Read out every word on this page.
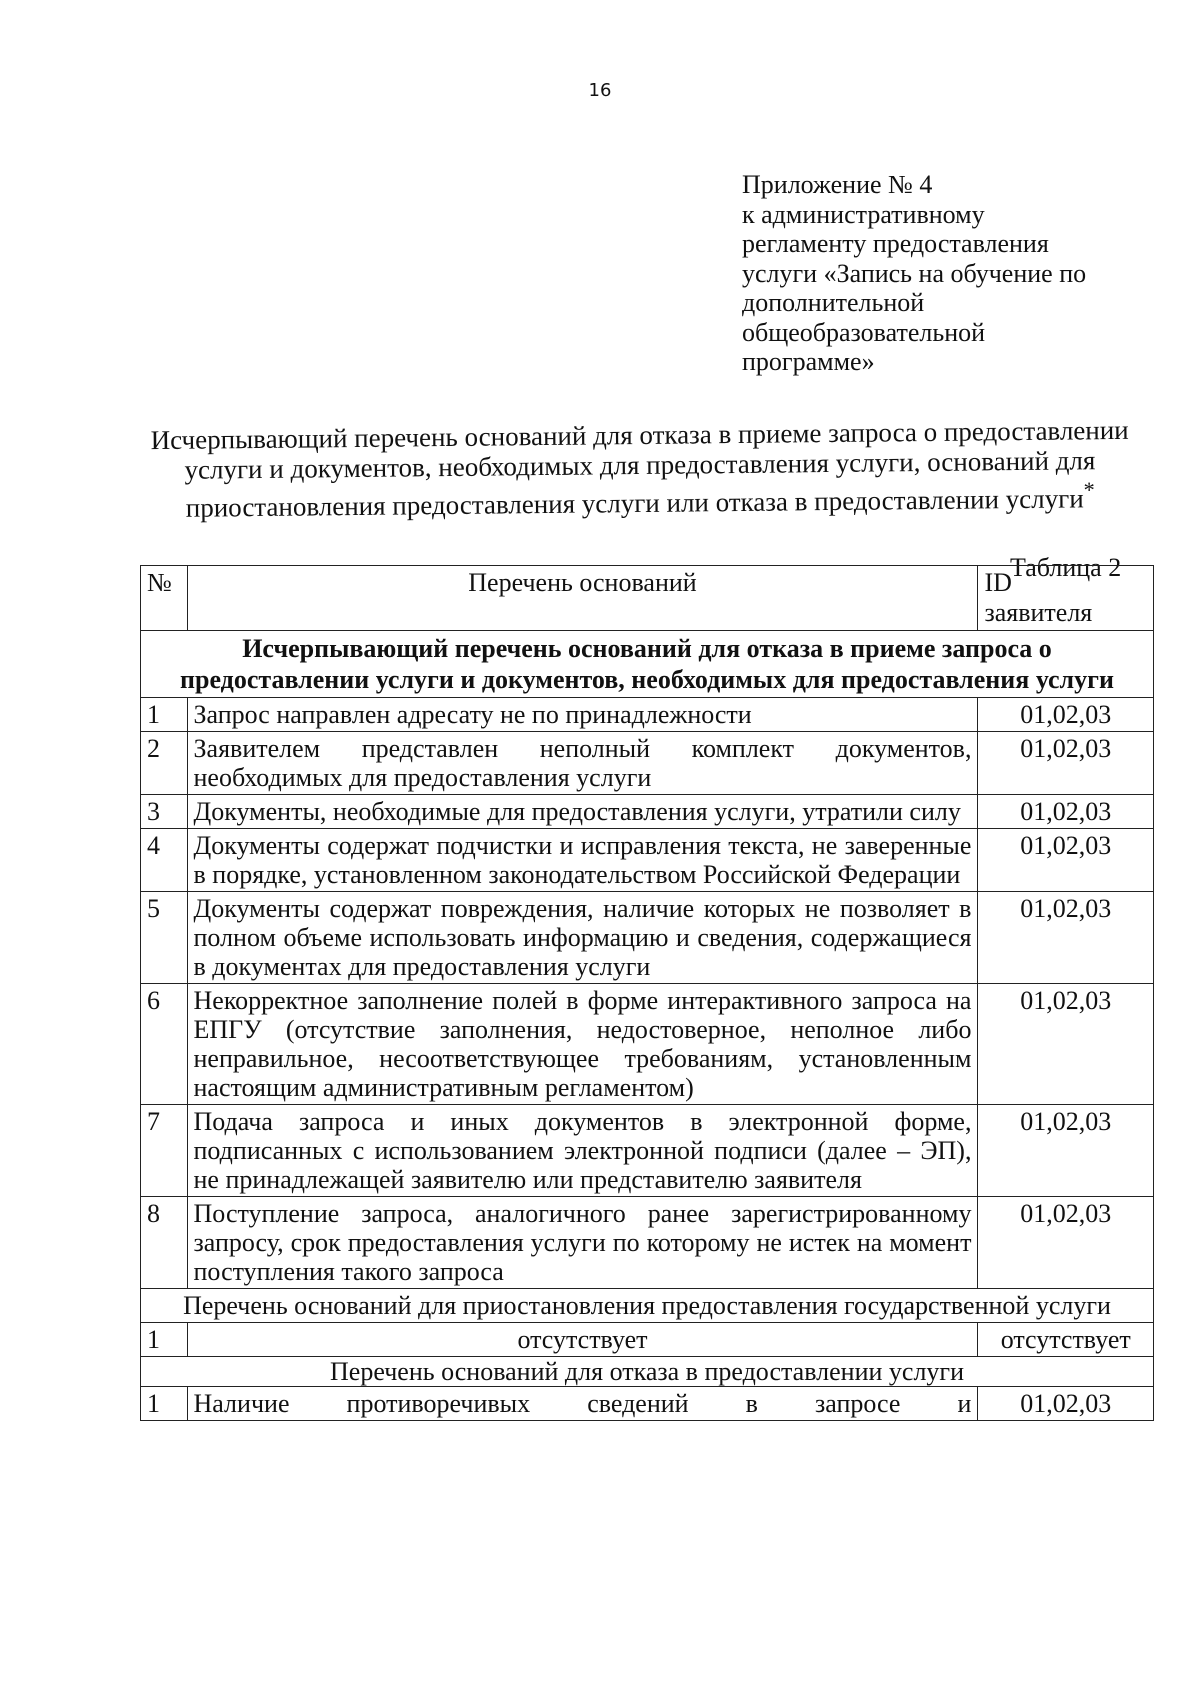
16
Приложение № 4
к административному
регламенту предоставления
услуги «Запись на обучение по
дополнительной
общеобразовательной
программе»
Исчерпывающий перечень оснований для отказа в приеме запроса о предоставлении услуги и документов, необходимых для предоставления услуги, оснований для приостановления предоставления услуги или отказа в предоставлении услуги*
Таблица 2
№	Перечень оснований	ID
заявителя

Исчерпывающий перечень оснований для отказа в приеме запроса о предоставлении услуги и документов, необходимых для предоставления услуги		
1	Запрос направлен адресату не по принадлежности	01,02,03
2	Заявителем представлен неполный комплект документов, необходимых для предоставления услуги	01,02,03
3	Документы, необходимые для предоставления услуги, утратили силу	01,02,03
4	Документы содержат подчистки и исправления текста, не заверенные в порядке, установленном законодательством Российской Федерации	01,02,03
5	Документы содержат повреждения, наличие которых не позволяет в полном объеме использовать информацию и сведения, содержащиеся в документах для предоставления услуги	01,02,03
6	Некорректное заполнение полей в форме интерактивного запроса на ЕПГУ (отсутствие заполнения, недостоверное, неполное либо неправильное, несоответствующее требованиям, установленным настоящим административным регламентом)	01,02,03
7	Подача запроса и иных документов в электронной форме, подписанных с использованием электронной подписи (далее – ЭП), не принадлежащей заявителю или представителю заявителя	01,02,03
8	Поступление запроса, аналогичного ранее зарегистрированному запросу, срок предоставления услуги по которому не истек на момент поступления такого запроса	01,02,03
Перечень оснований для приостановления предоставления государственной услуги		
1	отсутствует	отсутствует
Перечень оснований для отказа в предоставлении услуги		
1	Наличие противоречивых сведений в запросе и	01,02,03
